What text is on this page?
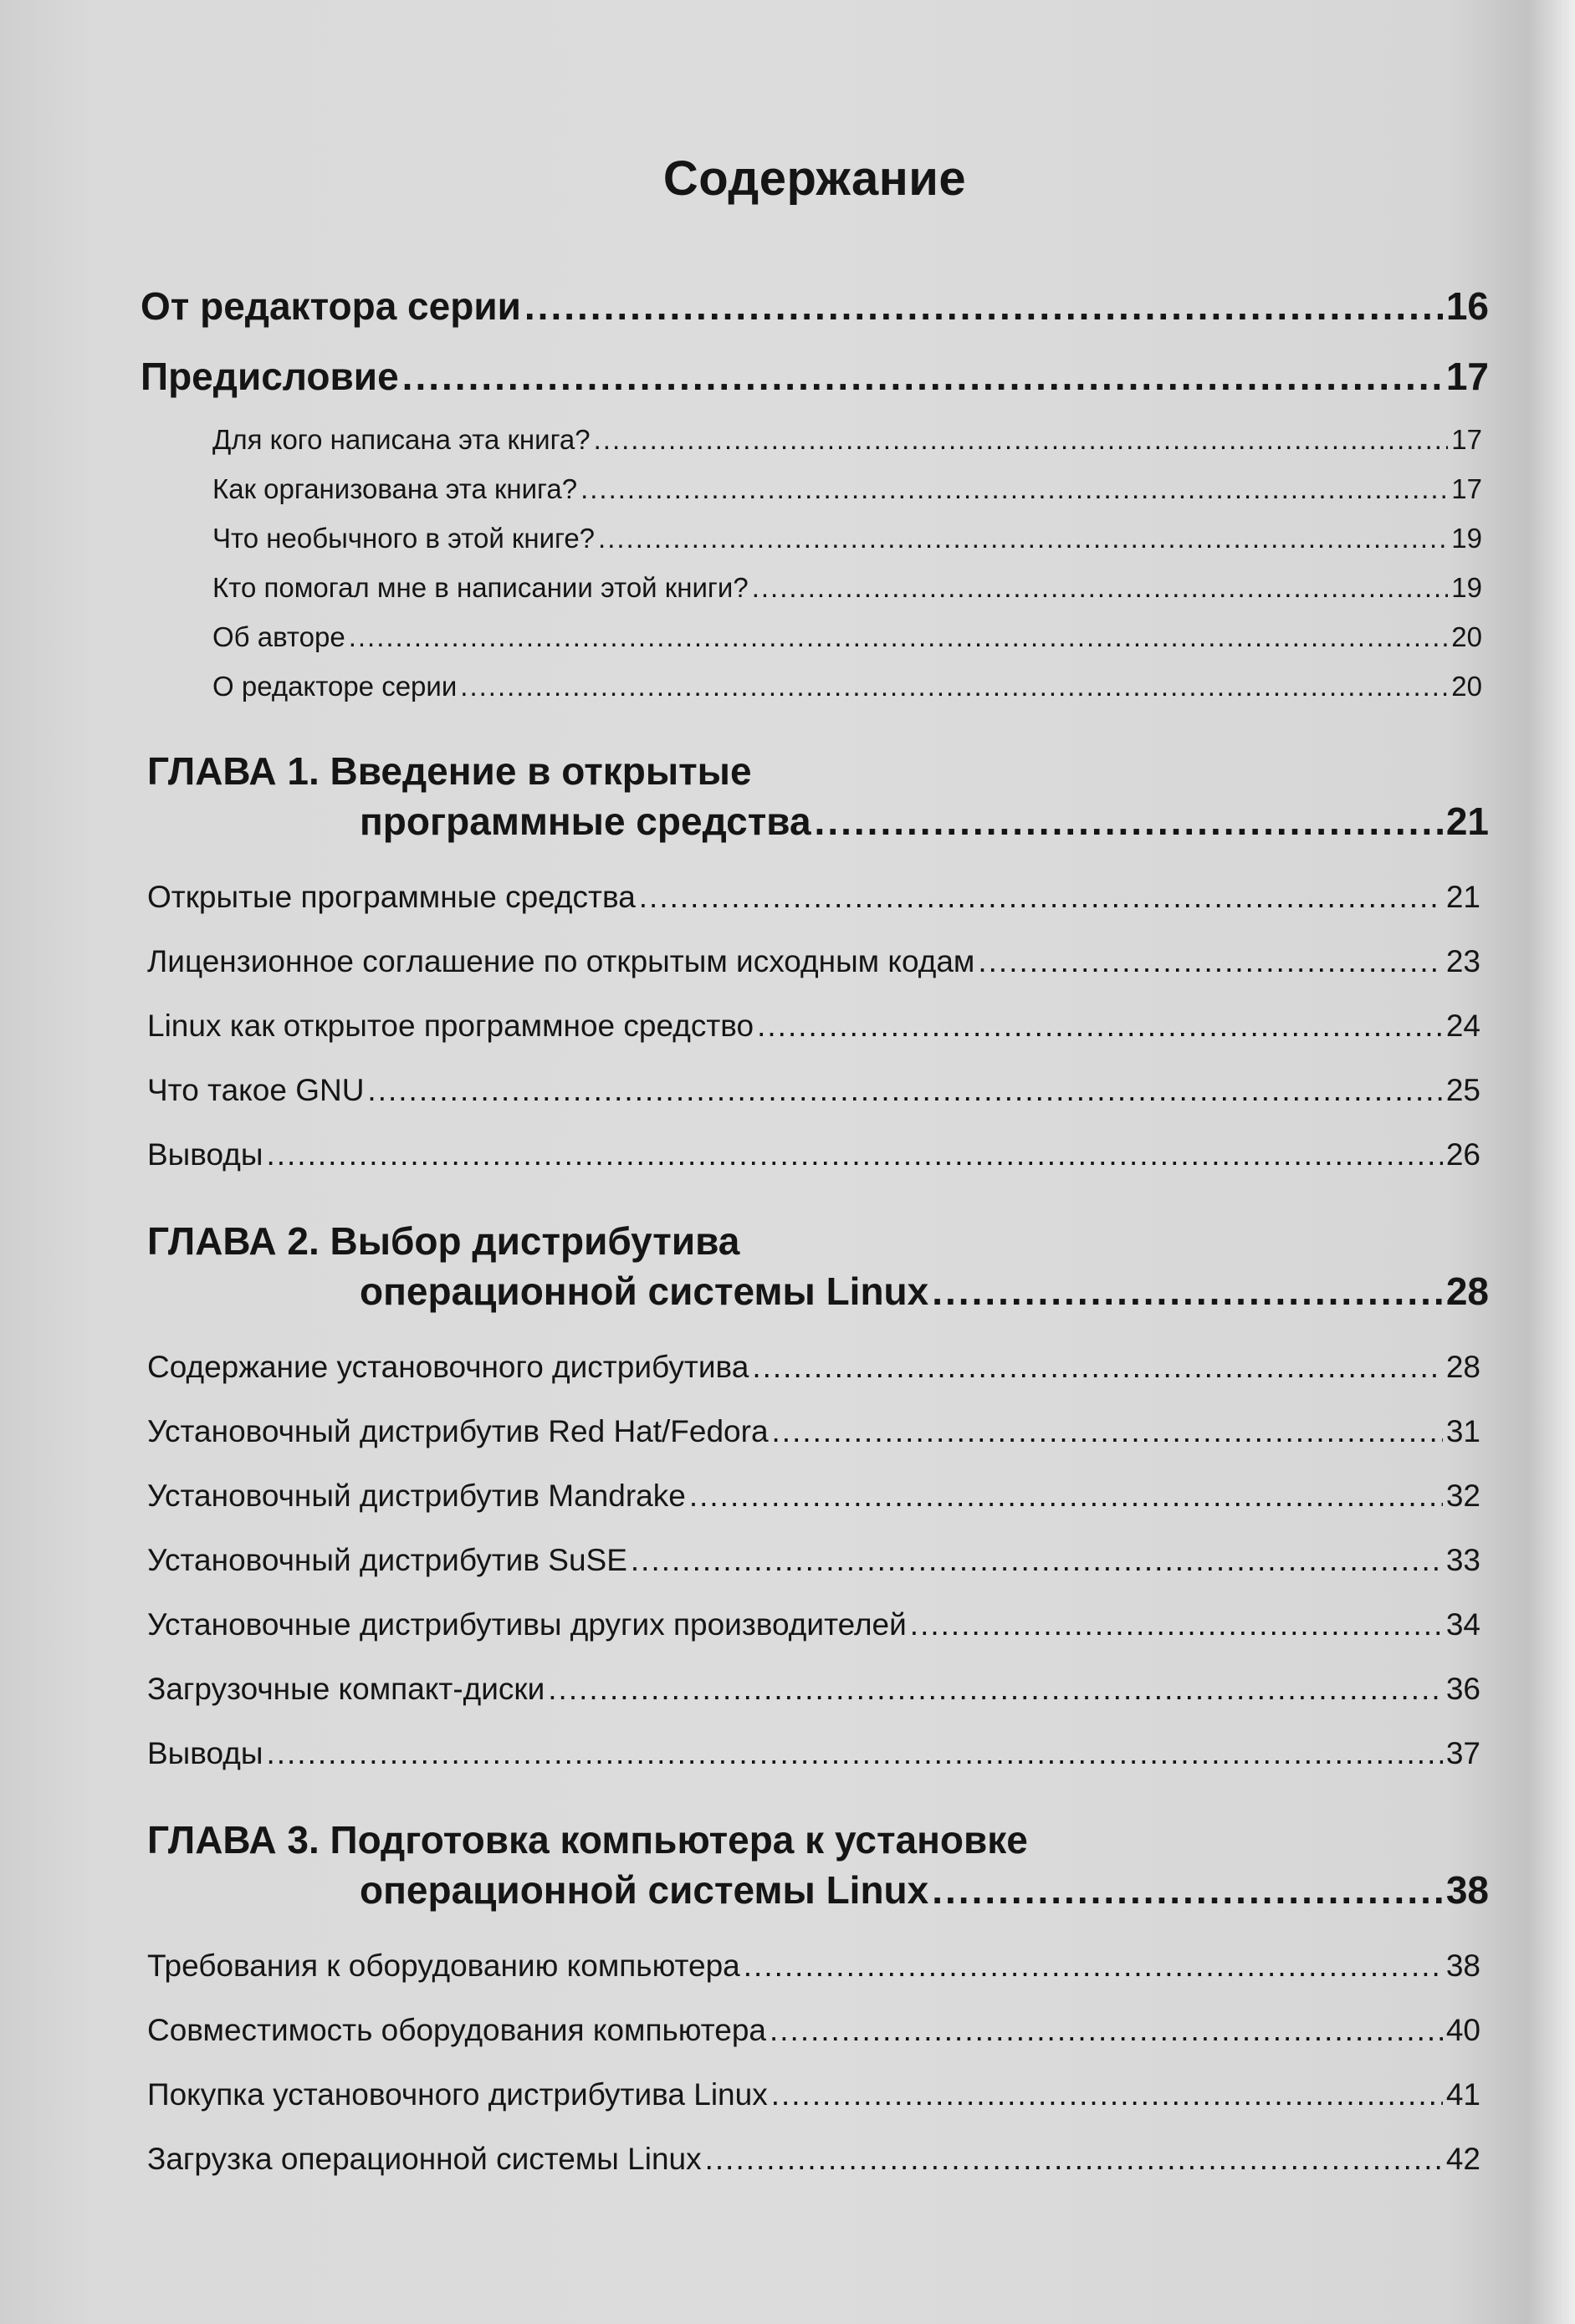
Содержание
От редактора серии .....	16
Предисловие .....	17
Для кого написана эта книга? .....	17
Как организована эта книга? .....	17
Что необычного в этой книге? .....	19
Кто помогал мне в написании этой книги? .....	19
Об авторе .....	20
О редакторе серии .....	20
ГЛАВА 1. Введение в открытые
программные средства .....	21
Открытые программные средства .....	21
Лицензионное соглашение по открытым исходным кодам .....	23
Linux как открытое программное средство .....	24
Что такое GNU .....	25
Выводы .....	26
ГЛАВА 2. Выбор дистрибутива
операционной системы Linux .....	28
Содержание установочного дистрибутива .....	28
Установочный дистрибутив Red Hat/Fedora .....	31
Установочный дистрибутив Mandrake .....	32
Установочный дистрибутив SuSE .....	33
Установочные дистрибутивы других производителей .....	34
Загрузочные компакт-диски .....	36
Выводы .....	37
ГЛАВА 3. Подготовка компьютера к установке
операционной системы Linux .....	38
Требования к оборудованию компьютера .....	38
Совместимость оборудования компьютера .....	40
Покупка установочного дистрибутива Linux .....	41
Загрузка операционной системы Linux .....	42
